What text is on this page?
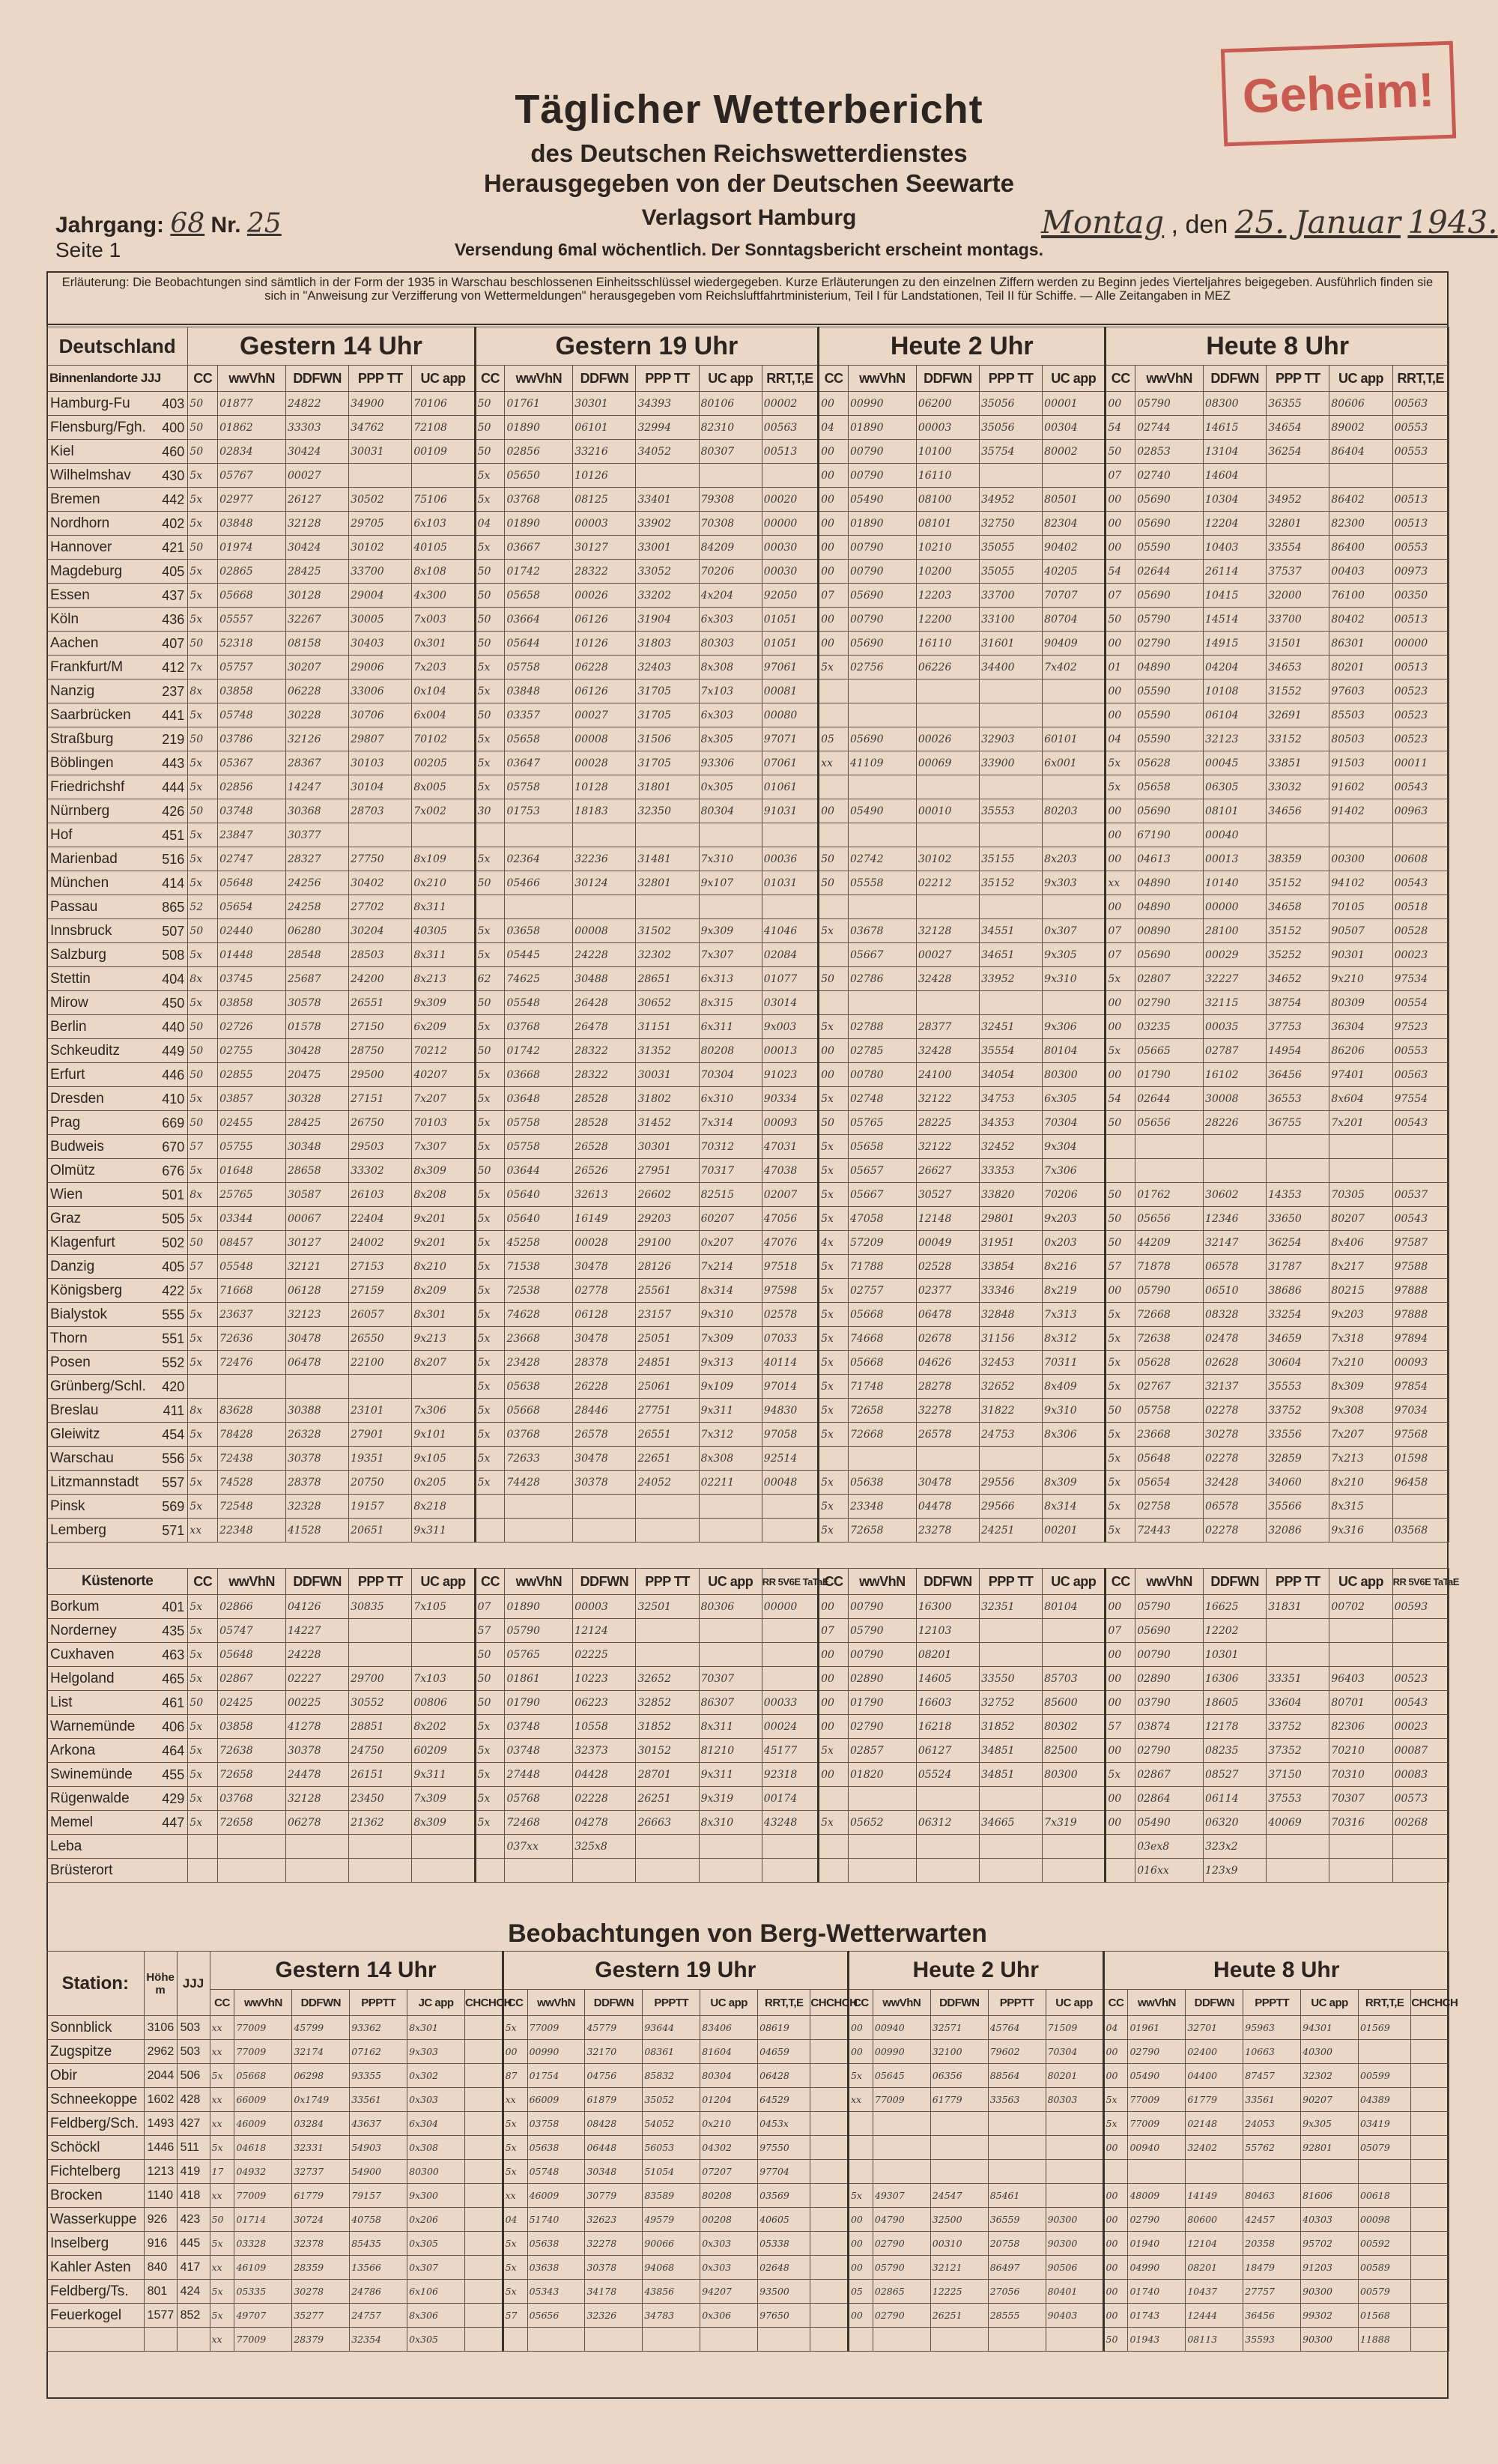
Geheim!
Täglicher Wetterbericht
des Deutschen Reichswetterdienstes
Herausgegeben von der Deutschen Seewarte
Verlagsort Hamburg
Versendung 6mal wöchentlich. Der Sonntagsbericht erscheint montags.
Jahrgang: 68 Nr. 25
Seite 1
Montag , den 25. Januar 1943.
Erläuterung: Die Beobachtungen sind sämtlich in der Form der 1935 in Warschau beschlossenen Einheitsschlüssel wiedergegeben. Kurze Erläuterungen zu den einzelnen Ziffern werden zu Beginn jedes Vierteljahres beigegeben. Ausführlich finden sie sich in "Anweisung zur Verzifferung von Wettermeldungen" herausgegeben vom Reichsluftfahrtministerium, Teil I für Landstationen, Teil II für Schiffe. — Alle Zeitangaben in MEZ
Deutschland	Gestern 14 Uhr					Gestern 19 Uhr						Heute 2 Uhr					Heute 8 Uhr					
Binnenlandorte JJJ	CC	wwVhN	DDFWN	PPP TT	UC app	CC	wwVhN	DDFWN	PPP TT	UC app	RRT,T,E	CC	wwVhN	DDFWN	PPP TT	UC app	CC	wwVhN	DDFWN	PPP TT	UC app	RRT,T,E
Hamburg-Fu 403	50	01877	24822	34900	70106	50	01761	30301	34393	80106	00002	00	00990	06200	35056	00001	00	05790	08300	36355	80606	00563
Flensburg/Fgh. 400	50	01862	33303	34762	72108	50	01890	06101	32994	82310	00563	04	01890	00003	35056	00304	54	02744	14615	34654	89002	00553
Kiel 460	50	02834	30424	30031	00109	50	02856	33216	34052	80307	00513	00	00790	10100	35754	80002	50	02853	13104	36254	86404	00553
Wilhelmshav 430	5x	05767	00027			5x	05650	10126				00	00790	16110			07	02740	14604			
Bremen 442	5x	02977	26127	30502	75106	5x	03768	08125	33401	79308	00020	00	05490	08100	34952	80501	00	05690	10304	34952	86402	00513
Nordhorn 402	5x	03848	32128	29705	6x103	04	01890	00003	33902	70308	00000	00	01890	08101	32750	82304	00	05690	12204	32801	82300	00513
Hannover 421	50	01974	30424	30102	40105	5x	03667	30127	33001	84209	00030	00	00790	10210	35055	90402	00	05590	10403	33554	86400	00553
Magdeburg 405	5x	02865	28425	33700	8x108	50	01742	28322	33052	70206	00030	00	00790	10200	35055	40205	54	02644	26114	37537	00403	00973
Essen 437	5x	05668	30128	29004	4x300	50	05658	00026	33202	4x204	92050	07	05690	12203	33700	70707	07	05690	10415	32000	76100	00350
Köln 436	5x	05557	32267	30005	7x003	50	03664	06126	31904	6x303	01051	00	00790	12200	33100	80704	50	05790	14514	33700	80402	00513
Aachen 407	50	52318	08158	30403	0x301	50	05644	10126	31803	80303	01051	00	05690	16110	31601	90409	00	02790	14915	31501	86301	00000
Frankfurt/M 412	7x	05757	30207	29006	7x203	5x	05758	06228	32403	8x308	97061	5x	02756	06226	34400	7x402	01	04890	04204	34653	80201	00513
Nanzig 237	8x	03858	06228	33006	0x104	5x	03848	06126	31705	7x103	00081						00	05590	10108	31552	97603	00523
Saarbrücken 441	5x	05748	30228	30706	6x004	50	03357	00027	31705	6x303	00080						00	05590	06104	32691	85503	00523
Straßburg 219	50	03786	32126	29807	70102	5x	05658	00008	31506	8x305	97071	05	05690	00026	32903	60101	04	05590	32123	33152	80503	00523
Böblingen 443	5x	05367	28367	30103	00205	5x	03647	00028	31705	93306	07061	xx	41109	00069	33900	6x001	5x	05628	00045	33851	91503	00011
Friedrichshf 444	5x	02856	14247	30104	8x005	5x	05758	10128	31801	0x305	01061						5x	05658	06305	33032	91602	00543
Nürnberg 426	50	03748	30368	28703	7x002	30	01753	18183	32350	80304	91031	00	05490	00010	35553	80203	00	05690	08101	34656	91402	00963
Hof 451	5x	23847	30377														00	67190	00040			
Marienbad 516	5x	02747	28327	27750	8x109	5x	02364	32236	31481	7x310	00036	50	02742	30102	35155	8x203	00	04613	00013	38359	00300	00608
München 414	5x	05648	24256	30402	0x210	50	05466	30124	32801	9x107	01031	50	05558	02212	35152	9x303	xx	04890	10140	35152	94102	00543
Passau 865	52	05654	24258	27702	8x311												00	04890	00000	34658	70105	00518
Innsbruck 507	50	02440	06280	30204	40305	5x	03658	00008	31502	9x309	41046	5x	03678	32128	34551	0x307	07	00890	28100	35152	90507	00528
Salzburg 508	5x	01448	28548	28503	8x311	5x	05445	24228	32302	7x307	02084		05667	00027	34651	9x305	07	05690	00029	35252	90301	00023
Stettin 404	8x	03745	25687	24200	8x213	62	74625	30488	28651	6x313	01077	50	02786	32428	33952	9x310	5x	02807	32227	34652	9x210	97534
Mirow 450	5x	03858	30578	26551	9x309	50	05548	26428	30652	8x315	03014						00	02790	32115	38754	80309	00554
Berlin 440	50	02726	01578	27150	6x209	5x	03768	26478	31151	6x311	9x003	5x	02788	28377	32451	9x306	00	03235	00035	37753	36304	97523
Schkeuditz 449	50	02755	30428	28750	70212	50	01742	28322	31352	80208	00013	00	02785	32428	35554	80104	5x	05665	02787	14954	86206	00553
Erfurt 446	50	02855	20475	29500	40207	5x	03668	28322	30031	70304	91023	00	00780	24100	34054	80300	00	01790	16102	36456	97401	00563
Dresden 410	5x	03857	30328	27151	7x207	5x	03648	28528	31802	6x310	90334	5x	02748	32122	34753	6x305	54	02644	30008	36553	8x604	97554
Prag 669	50	02455	28425	26750	70103	5x	05758	28528	31452	7x314	00093	50	05765	28225	34353	70304	50	05656	28226	36755	7x201	00543
Budweis 670	57	05755	30348	29503	7x307	5x	05758	26528	30301	70312	47031	5x	05658	32122	32452	9x304						
Olmütz 676	5x	01648	28658	33302	8x309	50	03644	26526	27951	70317	47038	5x	05657	26627	33353	7x306						
Wien 501	8x	25765	30587	26103	8x208	5x	05640	32613	26602	82515	02007	5x	05667	30527	33820	70206	50	01762	30602	14353	70305	00537
Graz 505	5x	03344	00067	22404	9x201	5x	05640	16149	29203	60207	47056	5x	47058	12148	29801	9x203	50	05656	12346	33650	80207	00543
Klagenfurt 502	50	08457	30127	24002	9x201	5x	45258	00028	29100	0x207	47076	4x	57209	00049	31951	0x203	50	44209	32147	36254	8x406	97587
Danzig 405	57	05548	32121	27153	8x210	5x	71538	30478	28126	7x214	97518	5x	71788	02528	33854	8x216	57	71878	06578	31787	8x217	97588
Königsberg 422	5x	71668	06128	27159	8x209	5x	72538	02778	25561	8x314	97598	5x	02757	02377	33346	8x219	00	05790	06510	38686	80215	97888
Bialystok 555	5x	23637	32123	26057	8x301	5x	74628	06128	23157	9x310	02578	5x	05668	06478	32848	7x313	5x	72668	08328	33254	9x203	97888
Thorn 551	5x	72636	30478	26550	9x213	5x	23668	30478	25051	7x309	07033	5x	74668	02678	31156	8x312	5x	72638	02478	34659	7x318	97894
Posen 552	5x	72476	06478	22100	8x207	5x	23428	28378	24851	9x313	40114	5x	05668	04626	32453	70311	5x	05628	02628	30604	7x210	00093
Grünberg/Schl. 420						5x	05638	26228	25061	9x109	97014	5x	71748	28278	32652	8x409	5x	02767	32137	35553	8x309	97854
Breslau 411	8x	83628	30388	23101	7x306	5x	05668	28446	27751	9x311	94830	5x	72658	32278	31822	9x310	50	05758	02278	33752	9x308	97034
Gleiwitz 454	5x	78428	26328	27901	9x101	5x	03768	26578	26551	7x312	97058	5x	72668	26578	24753	8x306	5x	23668	30278	33556	7x207	97568
Warschau 556	5x	72438	30378	19351	9x105	5x	72633	30478	22651	8x308	92514						5x	05648	02278	32859	7x213	01598
Litzmannstadt 557	5x	74528	28378	20750	0x205	5x	74428	30378	24052	02211	00048	5x	05638	30478	29556	8x309	5x	05654	32428	34060	8x210	96458
Pinsk 569	5x	72548	32328	19157	8x218							5x	23348	04478	29566	8x314	5x	02758	06578	35566	8x315	
Lemberg 571	xx	22348	41528	20651	9x311							5x	72658	23278	24251	00201	5x	72443	02278	32086	9x316	03568

Küstenorte	CC	wwVhN	DDFWN	PPP TT	UC app	CC	wwVhN	DDFWN	PPP TT	UC app	RR 5V6E TaTaE	CC	wwVhN	DDFWN	PPP TT	UC app	CC	wwVhN	DDFWN	PPP TT	UC app	RR 5V6E TaTaE
Borkum 401	5x	02866	04126	30835	7x105	07	01890	00003	32501	80306	00000	00	00790	16300	32351	80104	00	05790	16625	31831	00702	00593
Norderney 435	5x	05747	14227			57	05790	12124				07	05790	12103			07	05690	12202			
Cuxhaven 463	5x	05648	24228			50	05765	02225				00	00790	08201			00	00790	10301			
Helgoland 465	5x	02867	02227	29700	7x103	50	01861	10223	32652	70307		00	02890	14605	33550	85703	00	02890	16306	33351	96403	00523
List 461	50	02425	00225	30552	00806	50	01790	06223	32852	86307	00033	00	01790	16603	32752	85600	00	03790	18605	33604	80701	00543
Warnemünde 406	5x	03858	41278	28851	8x202	5x	03748	10558	31852	8x311	00024	00	02790	16218	31852	80302	57	03874	12178	33752	82306	00023
Arkona 464	5x	72638	30378	24750	60209	5x	03748	32373	30152	81210	45177	5x	02857	06127	34851	82500	00	02790	08235	37352	70210	00087
Swinemünde 455	5x	72658	24478	26151	9x311	5x	27448	04428	28701	9x311	92318	00	01820	05524	34851	80300	5x	02867	08527	37150	70310	00083
Rügenwalde 429	5x	03768	32128	23450	7x309	5x	05768	02228	26251	9x319	00174						00	02864	06114	37553	70307	00573
Memel 447	5x	72658	06278	21362	8x309	5x	72468	04278	26663	8x310	43248	5x	05652	06312	34665	7x319	00	05490	06320	40069	70316	00268
Leba							037xx	325x8										03ex8	323x2			
Brüsterort																		016xx	123x9			
Beobachtungen von Berg-Wetterwarten
Station:	Höhe m	JJJ	Gestern 14 Uhr						Gestern 19 Uhr							Heute 2 Uhr					Heute 8 Uhr						
			CC	wwVhN	DDFWN	PPPTT	JC app	CHCHCH	CC	wwVhN	DDFWN	PPPTT	UC app	RRT,T,E	CHCHCH	CC	wwVhN	DDFWN	PPPTT	UC app	CC	wwVhN	DDFWN	PPPTT	UC app	RRT,T,E	CHCHCH
Sonnblick	3106	503	xx	77009	45799	93362	8x301		5x	77009	45779	93644	83406	08619		00	00940	32571	45764	71509	04	01961	32701	95963	94301	01569	
Zugspitze	2962	503	xx	77009	32174	07162	9x303		00	00990	32170	08361	81604	04659		00	00990	32100	79602	70304	00	02790	02400	10663	40300		
Obir	2044	506	5x	05668	06298	93355	0x302		87	01754	04756	85832	80304	06428		5x	05645	06356	88564	80201	00	05490	04400	87457	32302	00599	
Schneekoppe	1602	428	xx	66009	0x1749	33561	0x303		xx	66009	61879	35052	01204	64529		xx	77009	61779	33563	80303	5x	77009	61779	33561	90207	04389	
Feldberg/Sch.	1493	427	xx	46009	03284	43637	6x304		5x	03758	08428	54052	0x210	0453x							5x	77009	02148	24053	9x305	03419	
Schöckl	1446	511	5x	04618	32331	54903	0x308		5x	05638	06448	56053	04302	97550							00	00940	32402	55762	92801	05079	
Fichtelberg	1213	419	17	04932	32737	54900	80300		5x	05748	30348	51054	07207	97704													
Brocken	1140	418	xx	77009	61779	79157	9x300		xx	46009	30779	83589	80208	03569		5x	49307	24547	85461		00	48009	14149	80463	81606	00618	
Wasserkuppe	926	423	50	01714	30724	40758	0x206		04	51740	32623	49579	00208	40605		00	04790	32500	36559	90300	00	02790	80600	42457	40303	00098	
Inselberg	916	445	5x	03328	32378	85435	0x305		5x	05638	32278	90066	0x303	05338		00	02790	00310	20758	90300	00	01940	12104	20358	95702	00592	
Kahler Asten	840	417	xx	46109	28359	13566	0x307		5x	03638	30378	94068	0x303	02648		00	05790	32121	86497	90506	00	04990	08201	18479	91203	00589	
Feldberg/Ts.	801	424	5x	05335	30278	24786	6x106		5x	05343	34178	43856	94207	93500		05	02865	12225	27056	80401	00	01740	10437	27757	90300	00579	
Feuerkogel	1577	852	5x	49707	35277	24757	8x306		57	05656	32326	34783	0x306	97650		00	02790	26251	28555	90403	00	01743	12444	36456	99302	01568	
			xx	77009	28379	32354	0x305														50	01943	08113	35593	90300	11888	
